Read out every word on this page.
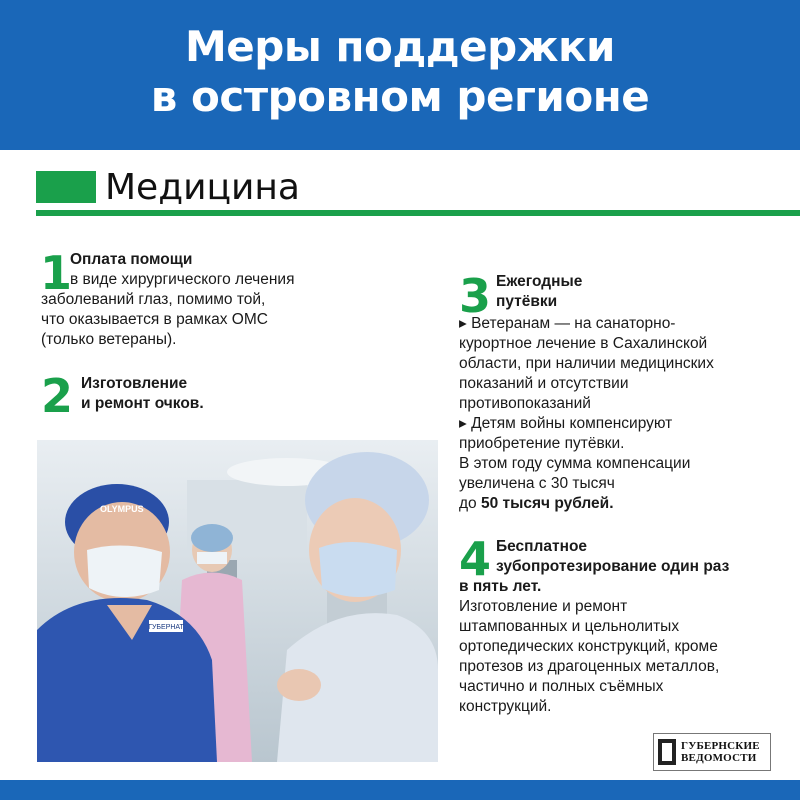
Меры поддержки
в островном регионе
Медицина
1
Оплата помощи
в виде хирургического лечения
заболеваний глаз, помимо той,
что оказывается в рамках ОМС
(только ветераны).
2 Изготовление
и ремонт очков.
ГУБЕРНАТ
OLYMPUS
3 Ежегодные
путёвки
▸ Ветеранам — на санаторно-
курортное лечение в Сахалинской
области, при наличии медицинских
показаний и отсутствии
противопоказаний
▸ Детям войны компенсируют
приобретение путёвки.
В этом году сумма компенсации
увеличена с 30 тысяч
до 50 тысяч рублей.
4 Бесплатное
зубопротезирование один раз
в пять лет.
Изготовление и ремонт
штампованных и цельнолитых
ортопедических конструкций, кроме
протезов из драгоценных металлов,
частично и полных съёмных
конструкций.
ГУБЕРНСКИЕ
ВЕДОМОСТИ
